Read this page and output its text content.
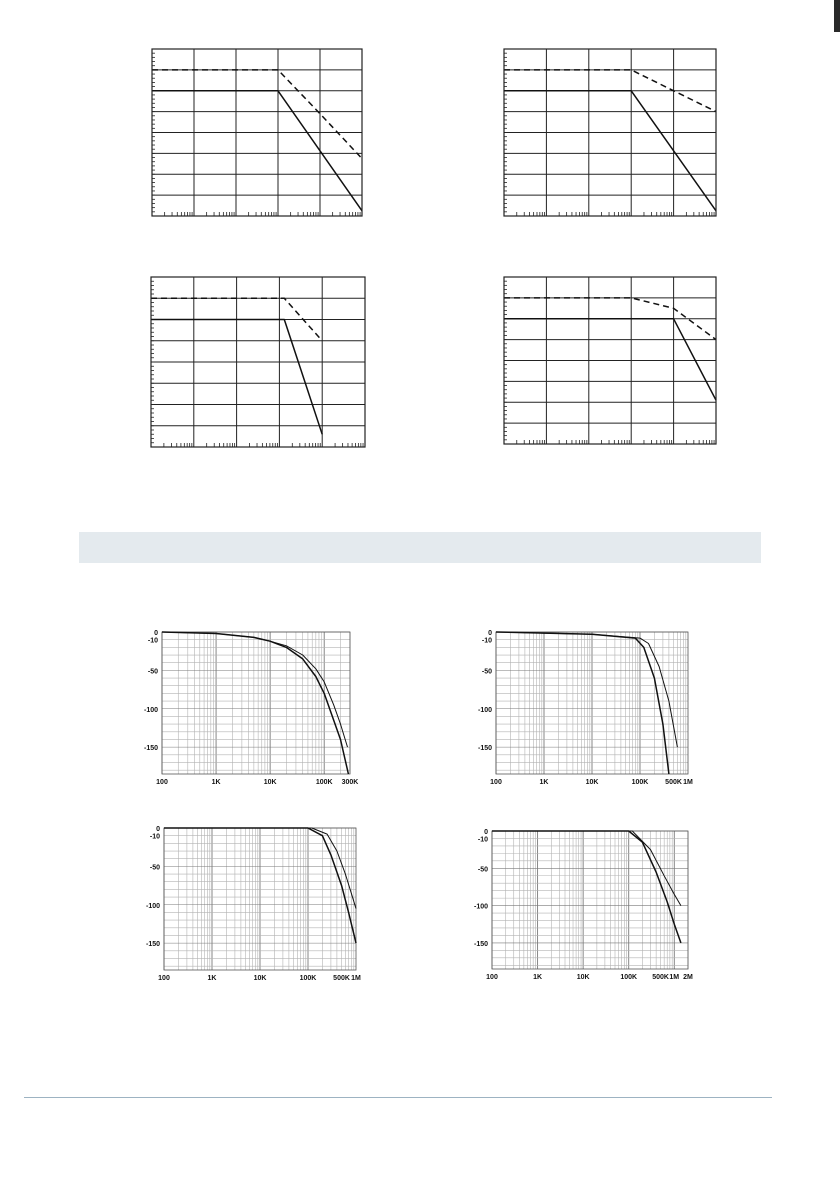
0
-10
-50
-100
-150
100	1K	10K	100K 300K
0
-10
-50
-100
-150
100	1K	10K	100K 500K 1M
0
-10
-50
-100
-150
100	1K	10K	100K 500K 1M
0
-10
-50
-100
-150
100	1K	10K	100K 500K 1M 2M
